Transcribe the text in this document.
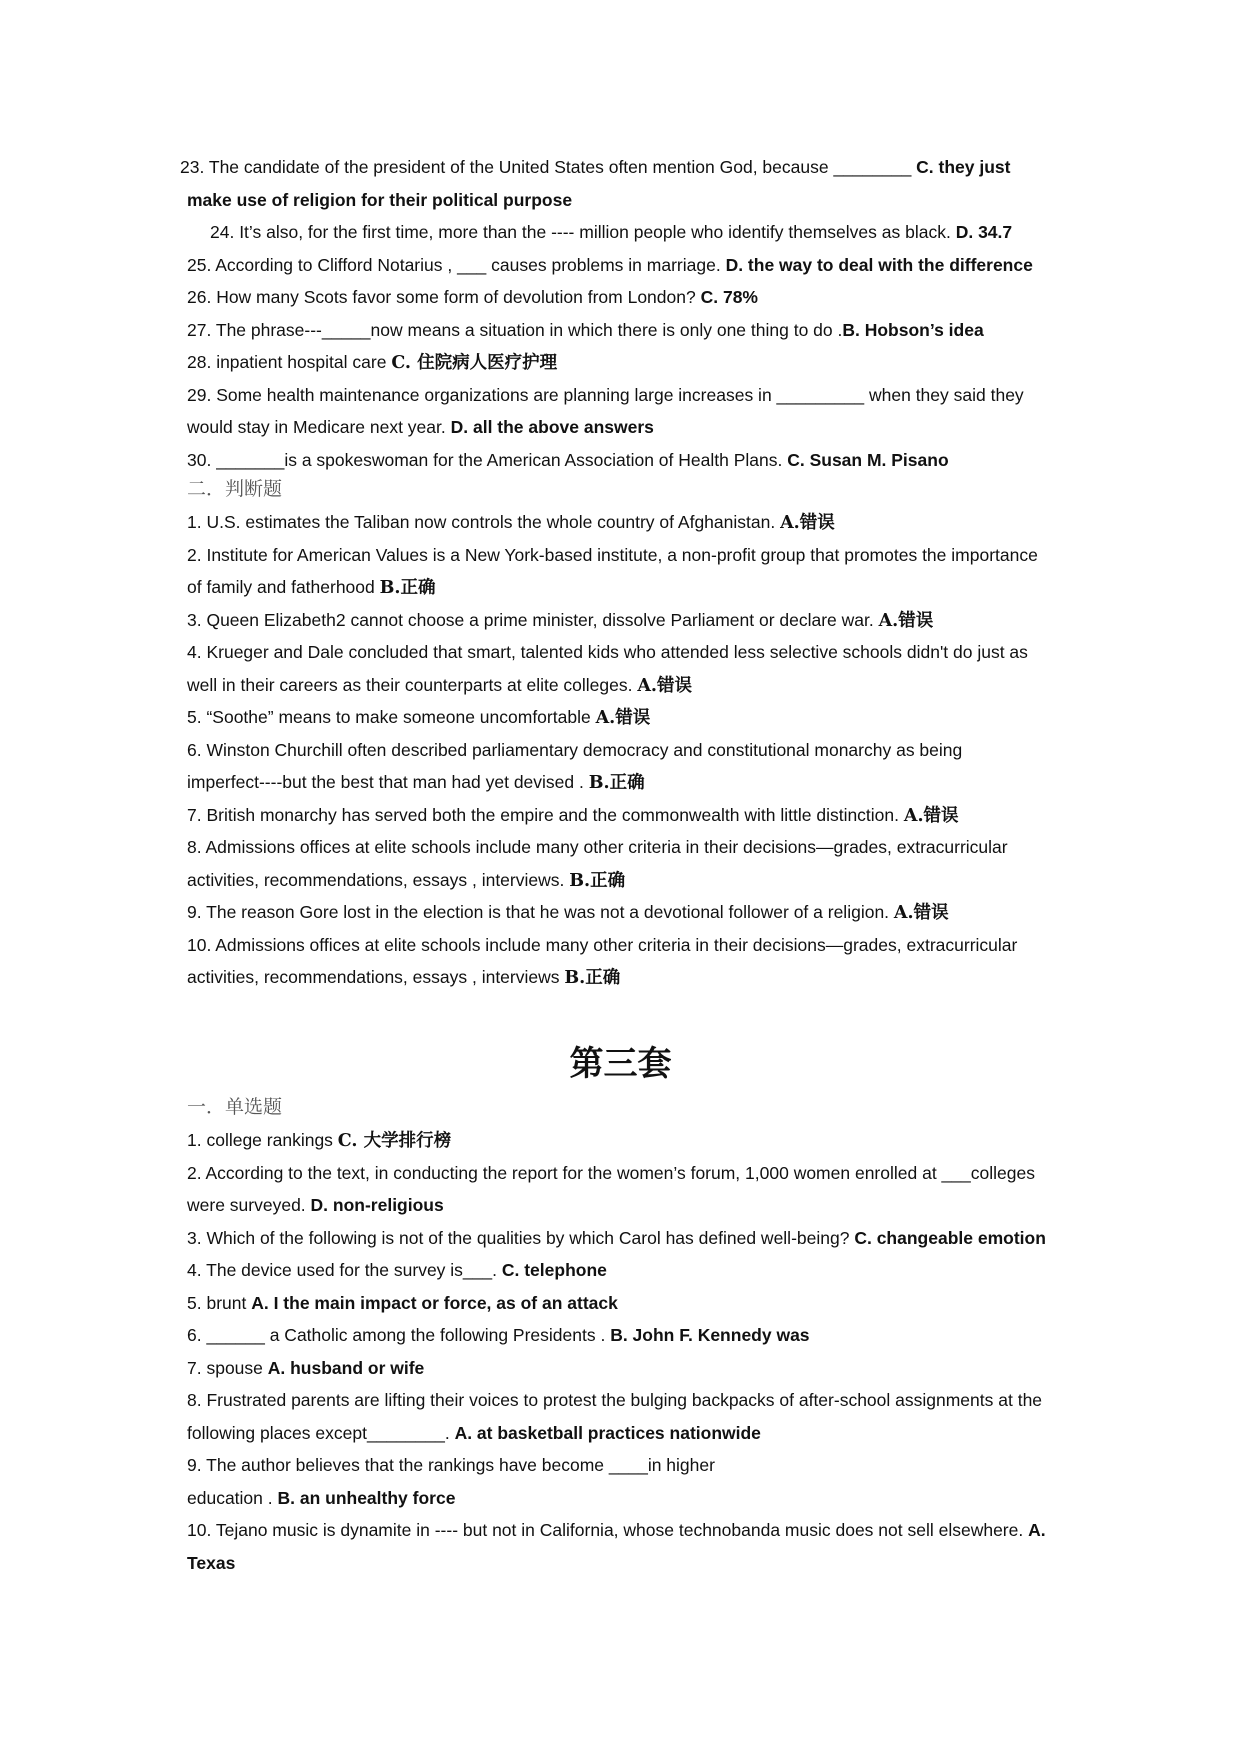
23. The candidate of the president of the United States often mention God, because ________ C. they just
make use of religion for their political purpose
24. It’s also, for the first time, more than the ---- million people who identify themselves as black. D. 34.7
25. According to Clifford Notarius , ___ causes problems in marriage. D. the way to deal with the difference
26. How many Scots favor some form of devolution from London? C. 78%
27. The phrase---_____now means a situation in which there is only one thing to do .B. Hobson’s idea
28. inpatient hospital care C. 住院病人医疗护理
29. Some health maintenance organizations are planning large increases in _________ when they said they
would stay in Medicare next year. D. all the above answers
30. _______is a spokeswoman for the American Association of Health Plans. C. Susan M. Pisano
二．判断题
1. U.S. estimates the Taliban now controls the whole country of Afghanistan. A.错误
2. Institute for American Values is a New York-based institute, a non-profit group that promotes the importance
of family and fatherhood B.正确
3. Queen Elizabeth2 cannot choose a prime minister, dissolve Parliament or declare war. A.错误
4. Krueger and Dale concluded that smart, talented kids who attended less selective schools didn't do just as
well in their careers as their counterparts at elite colleges. A.错误
5. “Soothe” means to make someone uncomfortable A.错误
6. Winston Churchill often described parliamentary democracy and constitutional monarchy as being
imperfect----but the best that man had yet devised . B.正确
7. British monarchy has served both the empire and the commonwealth with little distinction. A.错误
8. Admissions offices at elite schools include many other criteria in their decisions—grades, extracurricular
activities, recommendations, essays , interviews. B.正确
9. The reason Gore lost in the election is that he was not a devotional follower of a religion. A.错误
10. Admissions offices at elite schools include many other criteria in their decisions—grades, extracurricular
activities, recommendations, essays , interviews B.正确
第三套
一．单选题
1. college rankings C. 大学排行榜
2. According to the text, in conducting the report for the women’s forum, 1,000 women enrolled at ___colleges
were surveyed. D. non-religious
3. Which of the following is not of the qualities by which Carol has defined well-being? C. changeable emotion
4. The device used for the survey is___. C. telephone
5. brunt A. I the main impact or force, as of an attack
6. ______ a Catholic among the following Presidents . B. John F. Kennedy was
7. spouse A. husband or wife
8. Frustrated parents are lifting their voices to protest the bulging backpacks of after-school assignments at the
following places except________. A. at basketball practices nationwide
9. The author believes that the rankings have become ____in higher
education . B. an unhealthy force
10. Tejano music is dynamite in ---- but not in California, whose technobanda music does not sell elsewhere. A.
Texas
